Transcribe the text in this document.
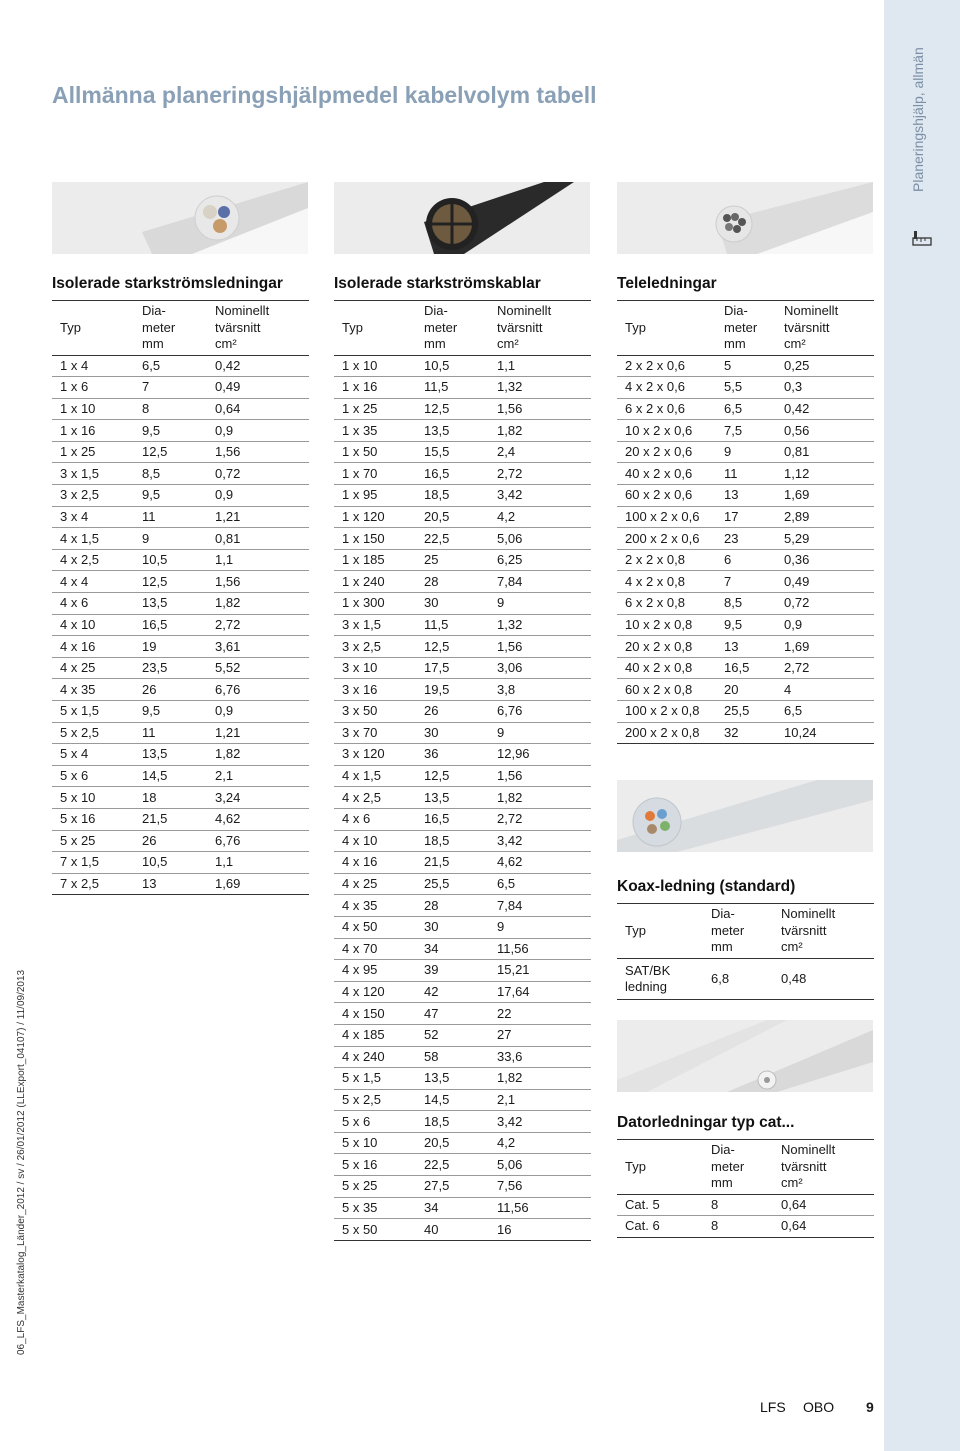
06_LFS_Masterkatalog_Länder_2012 / sv / 26/01/2012 (LLExport_04107) / 11/09/2013
Allmänna planeringshjälpmedel kabelvolym tabell
Isolerade starkströmsledningar	Isolerade starkströmskablar	Teleledningar
Koax-ledning (standard)
Datorledningar typ cat...
Typ	Dia-
meter
mm	Nominellt
tvärsnitt
cm²

1 x 4	6,5	0,42
1 x 6	7	0,49
1 x 10	8	0,64
1 x 16	9,5	0,9
1 x 25	12,5	1,56
3 x 1,5	8,5	0,72
3 x 2,5	9,5	0,9
3 x 4	11	1,21
4 x 1,5	9	0,81
4 x 2,5	10,5	1,1
4 x 4	12,5	1,56
4 x 6	13,5	1,82
4 x 10	16,5	2,72
4 x 16	19	3,61
4 x 25	23,5	5,52
4 x 35	26	6,76
5 x 1,5	9,5	0,9
5 x 2,5	11	1,21
5 x 4	13,5	1,82
5 x 6	14,5	2,1
5 x 10	18	3,24
5 x 16	21,5	4,62
5 x 25	26	6,76
7 x 1,5	10,5	1,1
7 x 2,5	13	1,69
Typ	Dia-
meter
mm	Nominellt
tvärsnitt
cm²

1 x 10	10,5	1,1
1 x 16	11,5	1,32
1 x 25	12,5	1,56
1 x 35	13,5	1,82
1 x 50	15,5	2,4
1 x 70	16,5	2,72
1 x 95	18,5	3,42
1 x 120	20,5	4,2
1 x 150	22,5	5,06
1 x 185	25	6,25
1 x 240	28	7,84
1 x 300	30	9
3 x 1,5	11,5	1,32
3 x 2,5	12,5	1,56
3 x 10	17,5	3,06
3 x 16	19,5	3,8
3 x 50	26	6,76
3 x 70	30	9
3 x 120	36	12,96
4 x 1,5	12,5	1,56
4 x 2,5	13,5	1,82
4 x 6	16,5	2,72
4 x 10	18,5	3,42
4 x 16	21,5	4,62
4 x 25	25,5	6,5
4 x 35	28	7,84
4 x 50	30	9
4 x 70	34	11,56
4 x 95	39	15,21
4 x 120	42	17,64
4 x 150	47	22
4 x 185	52	27
4 x 240	58	33,6
5 x 1,5	13,5	1,82
5 x 2,5	14,5	2,1
5 x 6	18,5	3,42
5 x 10	20,5	4,2
5 x 16	22,5	5,06
5 x 25	27,5	7,56
5 x 35	34	11,56
5 x 50	40	16
Typ	Dia-
meter
mm	Nominellt
tvärsnitt
cm²

2 x 2 x 0,6	5	0,25
4 x 2 x 0,6	5,5	0,3
6 x 2 x 0,6	6,5	0,42
10 x 2 x 0,6	7,5	0,56
20 x 2 x 0,6	9	0,81
40 x 2 x 0,6	11	1,12
60 x 2 x 0,6	13	1,69
100 x 2 x 0,6	17	2,89
200 x 2 x 0,6	23	5,29
2 x 2 x 0,8	6	0,36
4 x 2 x 0,8	7	0,49
6 x 2 x 0,8	8,5	0,72
10 x 2 x 0,8	9,5	0,9
20 x 2 x 0,8	13	1,69
40 x 2 x 0,8	16,5	2,72
60 x 2 x 0,8	20	4
100 x 2 x 0,8	25,5	6,5
200 x 2 x 0,8	32	10,24
Typ	Dia-
meter
mm	Nominellt
tvärsnitt
cm²

SAT/BK
ledning	6,8	0,48
Typ	Dia-
meter
mm	Nominellt
tvärsnitt
cm²

Cat. 5	8	0,64
Cat. 6	8	0,64
LFS OBO 9
